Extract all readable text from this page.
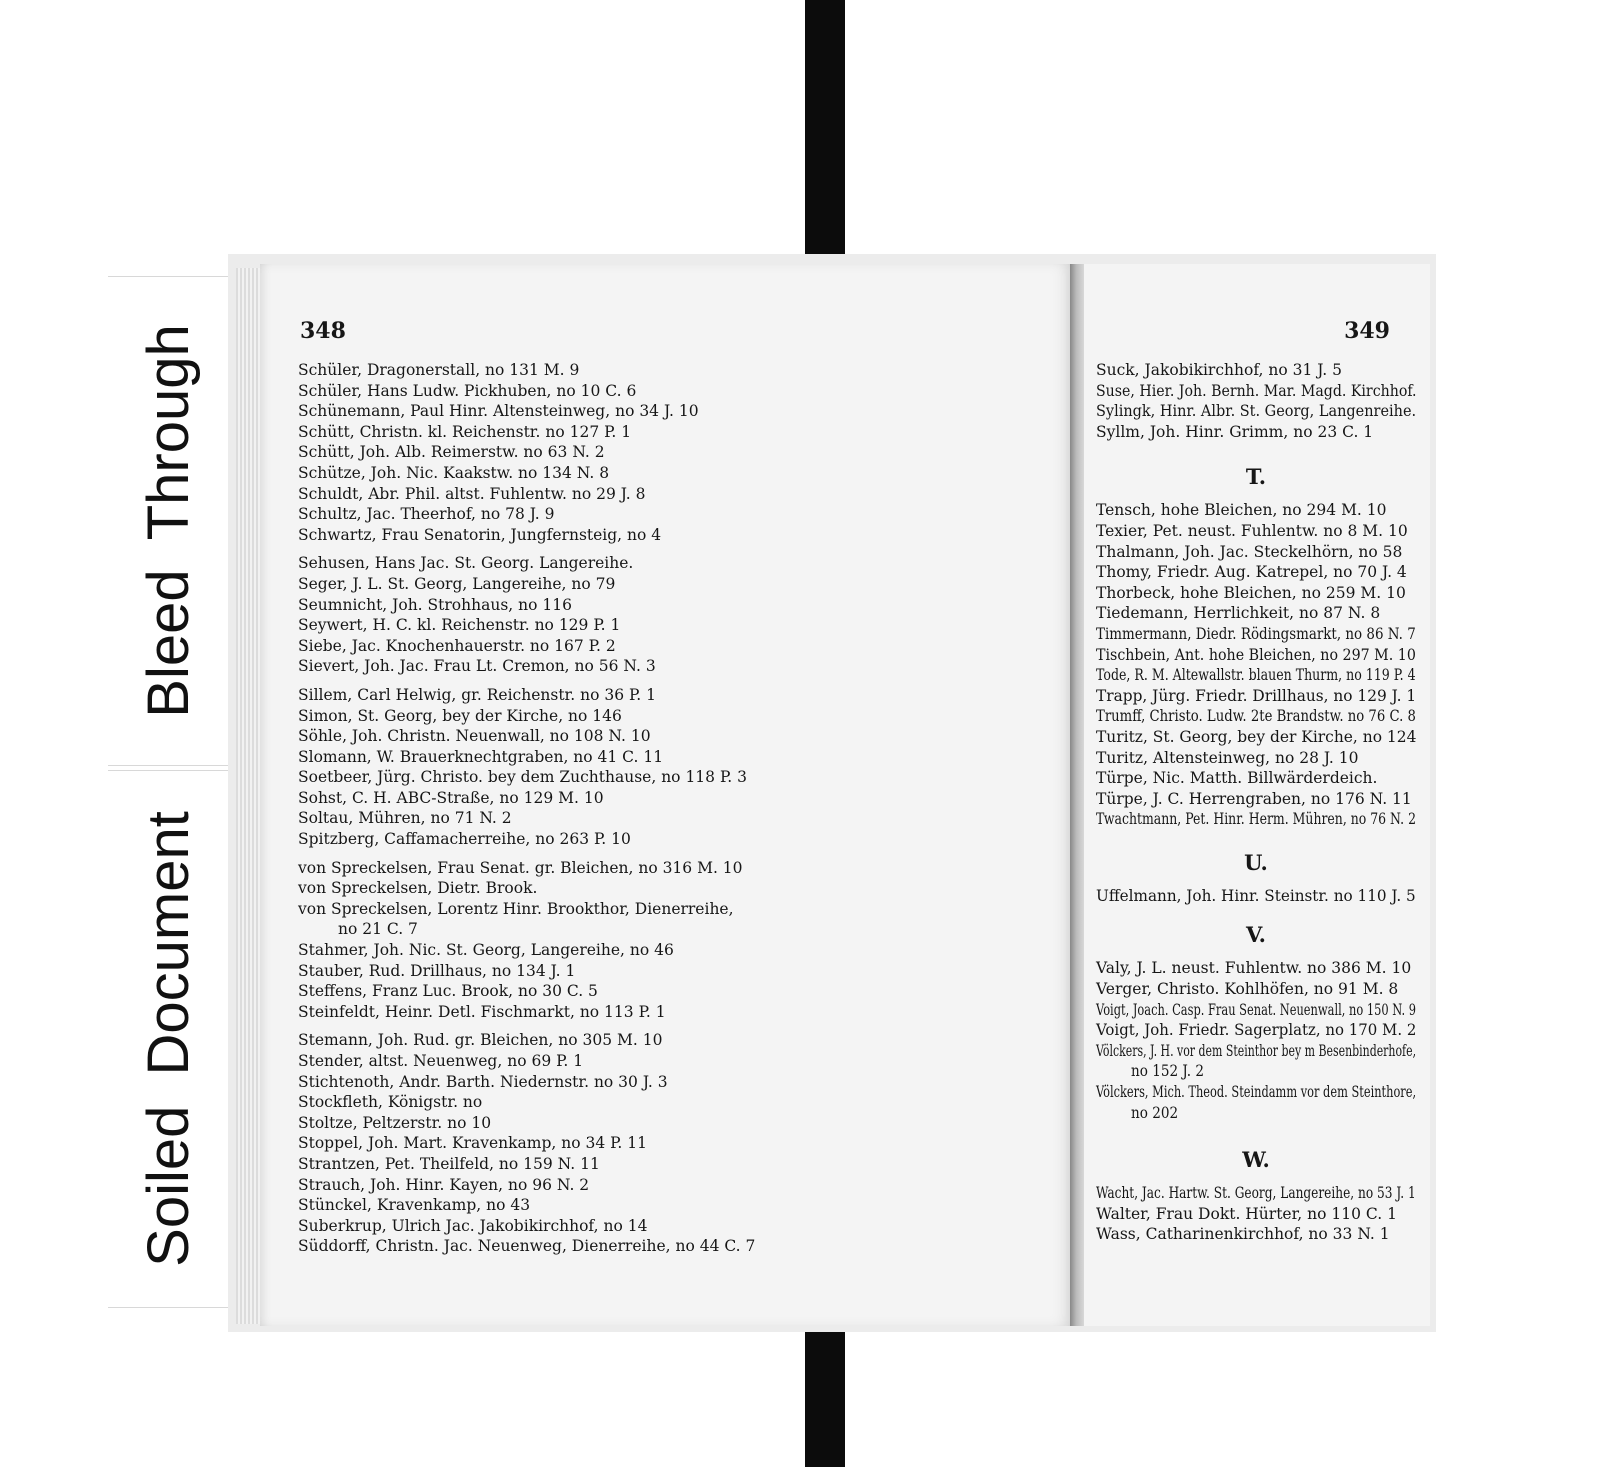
Bleed Through
Soiled Document
348
Schüler, Dragonerstall, no 131 M. 9
Schüler, Hans Ludw. Pickhuben, no 10 C. 6
Schünemann, Paul Hinr. Altensteinweg, no 34 J. 10
Schütt, Christn. kl. Reichenstr. no 127 P. 1
Schütt, Joh. Alb. Reimerstw. no 63 N. 2
Schütze, Joh. Nic. Kaakstw. no 134 N. 8
Schuldt, Abr. Phil. altst. Fuhlentw. no 29 J. 8
Schultz, Jac. Theerhof, no 78 J. 9
Schwartz, Frau Senatorin, Jungfernsteig, no 4
Sehusen, Hans Jac. St. Georg. Langereihe.
Seger, J. L. St. Georg, Langereihe, no 79
Seumnicht, Joh. Strohhaus, no 116
Seywert, H. C. kl. Reichenstr. no 129 P. 1
Siebe, Jac. Knochenhauerstr. no 167 P. 2
Sievert, Joh. Jac. Frau Lt. Cremon, no 56 N. 3
Sillem, Carl Helwig, gr. Reichenstr. no 36 P. 1
Simon, St. Georg, bey der Kirche, no 146
Söhle, Joh. Christn. Neuenwall, no 108 N. 10
Slomann, W. Brauerknechtgraben, no 41 C. 11
Soetbeer, Jürg. Christo. bey dem Zuchthause, no 118 P. 3
Sohst, C. H. ABC-Straße, no 129 M. 10
Soltau, Mühren, no 71 N. 2
Spitzberg, Caffamacherreihe, no 263 P. 10
von Spreckelsen, Frau Senat. gr. Bleichen, no 316 M. 10
von Spreckelsen, Dietr. Brook.
von Spreckelsen, Lorentz Hinr. Brookthor, Dienerreihe,
no 21 C. 7
Stahmer, Joh. Nic. St. Georg, Langereihe, no 46
Stauber, Rud. Drillhaus, no 134 J. 1
Steffens, Franz Luc. Brook, no 30 C. 5
Steinfeldt, Heinr. Detl. Fischmarkt, no 113 P. 1
Stemann, Joh. Rud. gr. Bleichen, no 305 M. 10
Stender, altst. Neuenweg, no 69 P. 1
Stichtenoth, Andr. Barth. Niedernstr. no 30 J. 3
Stockfleth, Königstr. no
Stoltze, Peltzerstr. no 10
Stoppel, Joh. Mart. Kravenkamp, no 34 P. 11
Strantzen, Pet. Theilfeld, no 159 N. 11
Strauch, Joh. Hinr. Kayen, no 96 N. 2
Stünckel, Kravenkamp, no 43
Suberkrup, Ulrich Jac. Jakobikirchhof, no 14
Süddorff, Christn. Jac. Neuenweg, Dienerreihe, no 44 C. 7
349
Suck, Jakobikirchhof, no 31 J. 5
Suse, Hier. Joh. Bernh. Mar. Magd. Kirchhof.
Sylingk, Hinr. Albr. St. Georg, Langenreihe.
Syllm, Joh. Hinr. Grimm, no 23 C. 1
T.
Tensch, hohe Bleichen, no 294 M. 10
Texier, Pet. neust. Fuhlentw. no 8 M. 10
Thalmann, Joh. Jac. Steckelhörn, no 58
Thomy, Friedr. Aug. Katrepel, no 70 J. 4
Thorbeck, hohe Bleichen, no 259 M. 10
Tiedemann, Herrlichkeit, no 87 N. 8
Timmermann, Diedr. Rödingsmarkt, no 86 N. 7
Tischbein, Ant. hohe Bleichen, no 297 M. 10
Tode, R. M. Altewallstr. blauen Thurm, no 119 P. 4
Trapp, Jürg. Friedr. Drillhaus, no 129 J. 1
Trumff, Christo. Ludw. 2te Brandstw. no 76 C. 8
Turitz, St. Georg, bey der Kirche, no 124
Turitz, Altensteinweg, no 28 J. 10
Türpe, Nic. Matth. Billwärderdeich.
Türpe, J. C. Herrengraben, no 176 N. 11
Twachtmann, Pet. Hinr. Herm. Mühren, no 76 N. 2
U.
Uffelmann, Joh. Hinr. Steinstr. no 110 J. 5
V.
Valy, J. L. neust. Fuhlentw. no 386 M. 10
Verger, Christo. Kohlhöfen, no 91 M. 8
Voigt, Joach. Casp. Frau Senat. Neuenwall, no 150 N. 9
Voigt, Joh. Friedr. Sagerplatz, no 170 M. 2
Völckers, J. H. vor dem Steinthor bey m Besenbinderhofe,
no 152 J. 2
Völckers, Mich. Theod. Steindamm vor dem Steinthore,
no 202
W.
Wacht, Jac. Hartw. St. Georg, Langereihe, no 53 J. 1
Walter, Frau Dokt. Hürter, no 110 C. 1
Wass, Catharinenkirchhof, no 33 N. 1
